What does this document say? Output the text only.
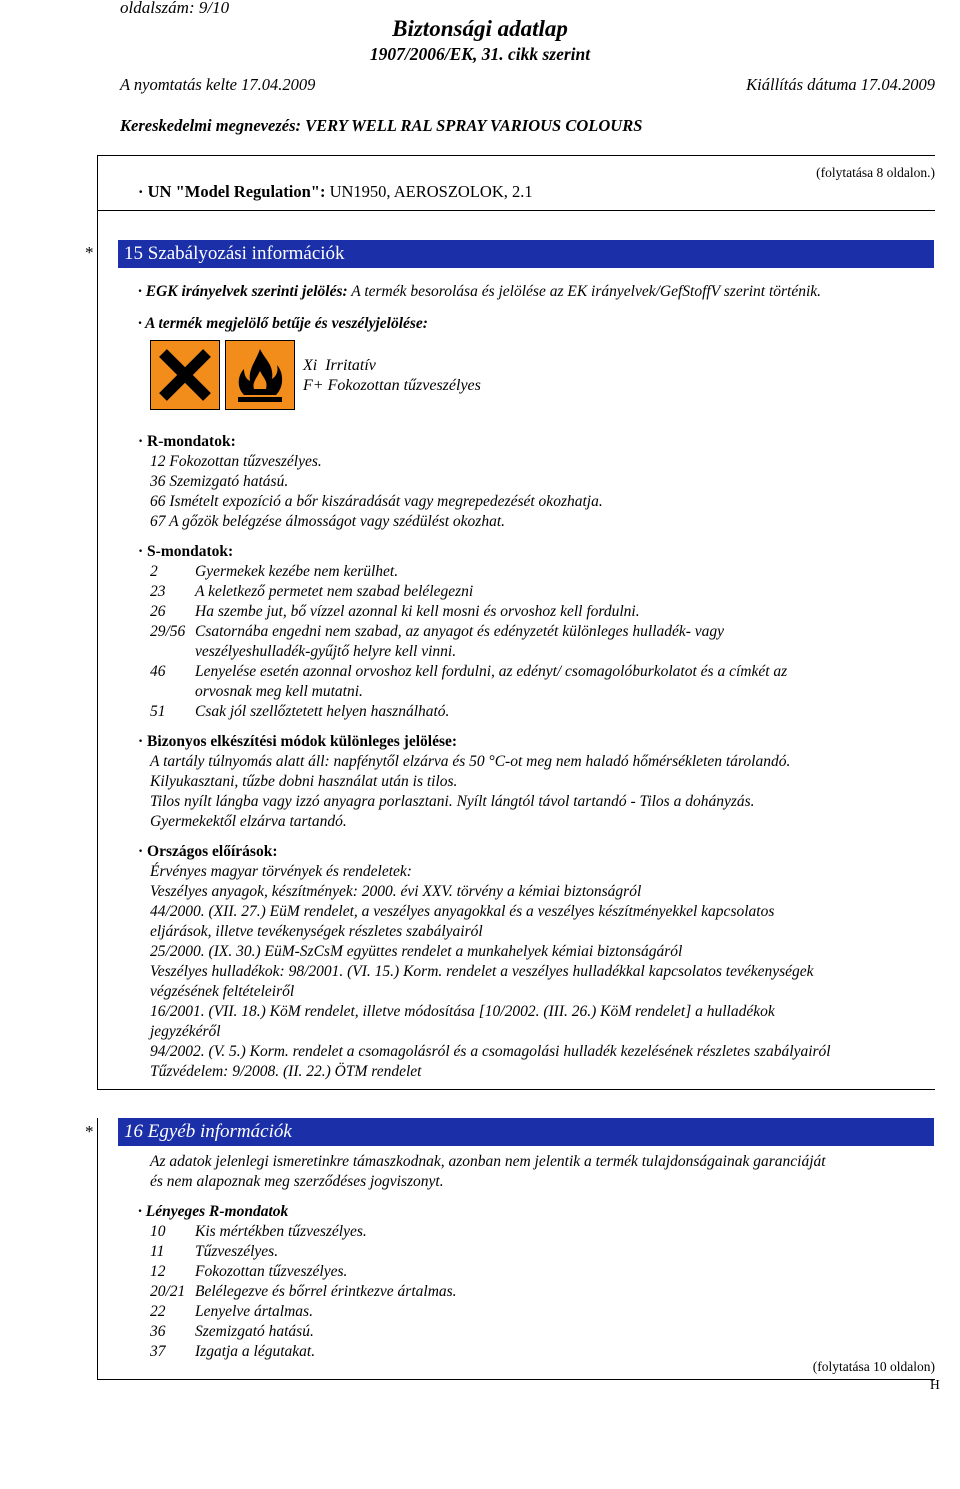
oldalszám: 9/10
Biztonsági adatlap
1907/2006/EK, 31. cikk szerint
A nyomtatás kelte 17.04.2009	Kiállítás dátuma 17.04.2009
Kereskedelmi megnevezés: VERY WELL RAL SPRAY VARIOUS COLOURS
(folytatása 8 oldalon.)
· UN "Model Regulation": UN1950, AEROSZOLOK, 2.1
*	15 Szabályozási információk
· EGK irányelvek szerinti jelölés: A termék besorolása és jelölése az EK irányelvek/GefStoffV szerint történik.
· A termék megjelölő betűje és veszélyjelölése:
Xi Irritatív
F+ Fokozottan tűzveszélyes
· R-mondatok:
12 Fokozottan tűzveszélyes.
36 Szemizgató hatású.
66 Ismételt expozíció a bőr kiszáradását vagy megrepedezését okozhatja.
67 A gőzök belégzése álmosságot vagy szédülést okozhat.
· S-mondatok:
2 Gyermekek kezébe nem kerülhet.
23 A keletkező permetet nem szabad belélegezni
26 Ha szembe jut, bő vízzel azonnal ki kell mosni és orvoshoz kell fordulni.
29/56 Csatornába engedni nem szabad, az anyagot és edényzetét különleges hulladék- vagy
veszélyeshulladék-gyűjtő helyre kell vinni.
46 Lenyelése esetén azonnal orvoshoz kell fordulni, az edényt/ csomagolóburkolatot és a címkét az
orvosnak meg kell mutatni.
51 Csak jól szellőztetett helyen használható.
· Bizonyos elkészítési módok különleges jelölése:
A tartály túlnyomás alatt áll: napfénytől elzárva és 50 °C-ot meg nem haladó hőmérsékleten tárolandó.
Kilyukasztani, tűzbe dobni használat után is tilos.
Tilos nyílt lángba vagy izzó anyagra porlasztani. Nyílt lángtól távol tartandó - Tilos a dohányzás.
Gyermekektől elzárva tartandó.
· Országos előírások:
Érvényes magyar törvények és rendeletek:
Veszélyes anyagok, készítmények: 2000. évi XXV. törvény a kémiai biztonságról
44/2000. (XII. 27.) EüM rendelet, a veszélyes anyagokkal és a veszélyes készítményekkel kapcsolatos
eljárások, illetve tevékenységek részletes szabályairól
25/2000. (IX. 30.) EüM-SzCsM együttes rendelet a munkahelyek kémiai biztonságáról
Veszélyes hulladékok: 98/2001. (VI. 15.) Korm. rendelet a veszélyes hulladékkal kapcsolatos tevékenységek
végzésének feltételeiről
16/2001. (VII. 18.) KöM rendelet, illetve módosítása [10/2002. (III. 26.) KöM rendelet] a hulladékok
jegyzékéről
94/2002. (V. 5.) Korm. rendelet a csomagolásról és a csomagolási hulladék kezelésének részletes szabályairól
Tűzvédelem: 9/2008. (II. 22.) ÖTM rendelet
*	16 Egyéb információk
Az adatok jelenlegi ismeretinkre támaszkodnak, azonban nem jelentik a termék tulajdonságainak garanciáját
és nem alapoznak meg szerződéses jogviszonyt.
· Lényeges R-mondatok
10 Kis mértékben tűzveszélyes.
11 Tűzveszélyes.
12 Fokozottan tűzveszélyes.
20/21 Belélegezve és bőrrel érintkezve ártalmas.
22 Lenyelve ártalmas.
36 Szemizgató hatású.
37 Izgatja a légutakat.
(folytatása 10 oldalon)
H
